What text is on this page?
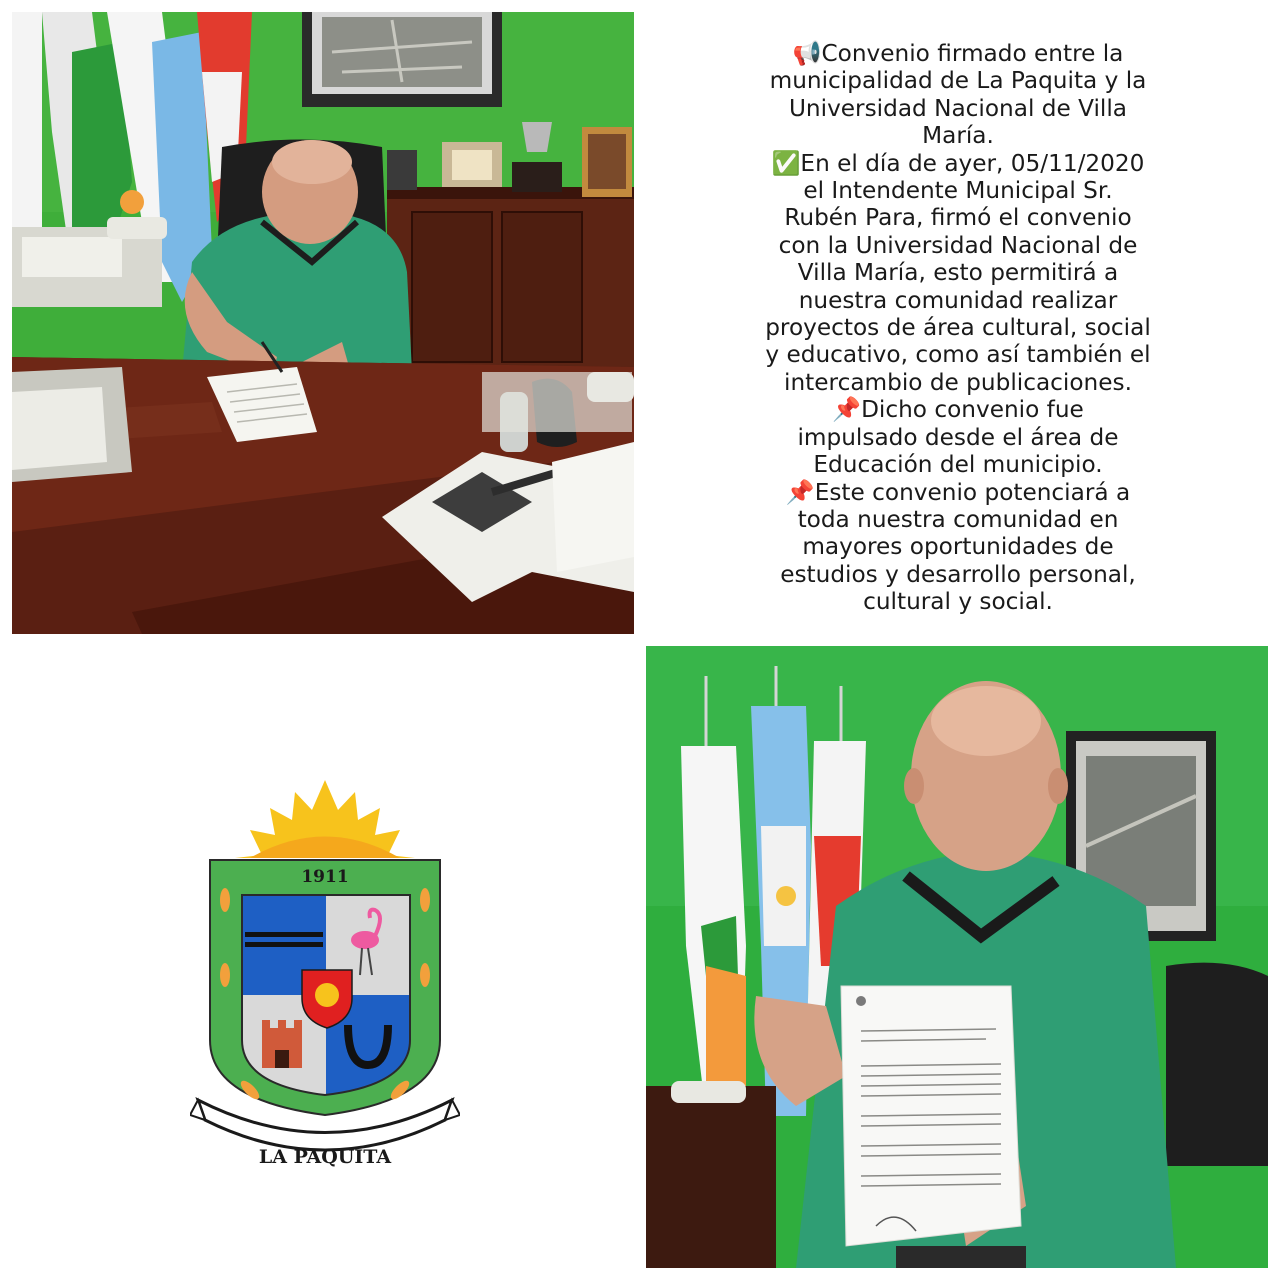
📢Convenio firmado entre la
municipalidad de La Paquita y la
Universidad Nacional de Villa
María.
✅En el día de ayer, 05/11/2020
el Intendente Municipal Sr.
Rubén Para, firmó el convenio
con la Universidad Nacional de
Villa María, esto permitirá a
nuestra comunidad realizar
proyectos de área cultural, social
y educativo, como así también el
intercambio de publicaciones.
📌Dicho convenio fue
impulsado desde el área de
Educación del municipio.
📌Este convenio potenciará a
toda nuestra comunidad en
mayores oportunidades de
estudios y desarrollo personal,
cultural y social.
1911
LA PAQUITA
